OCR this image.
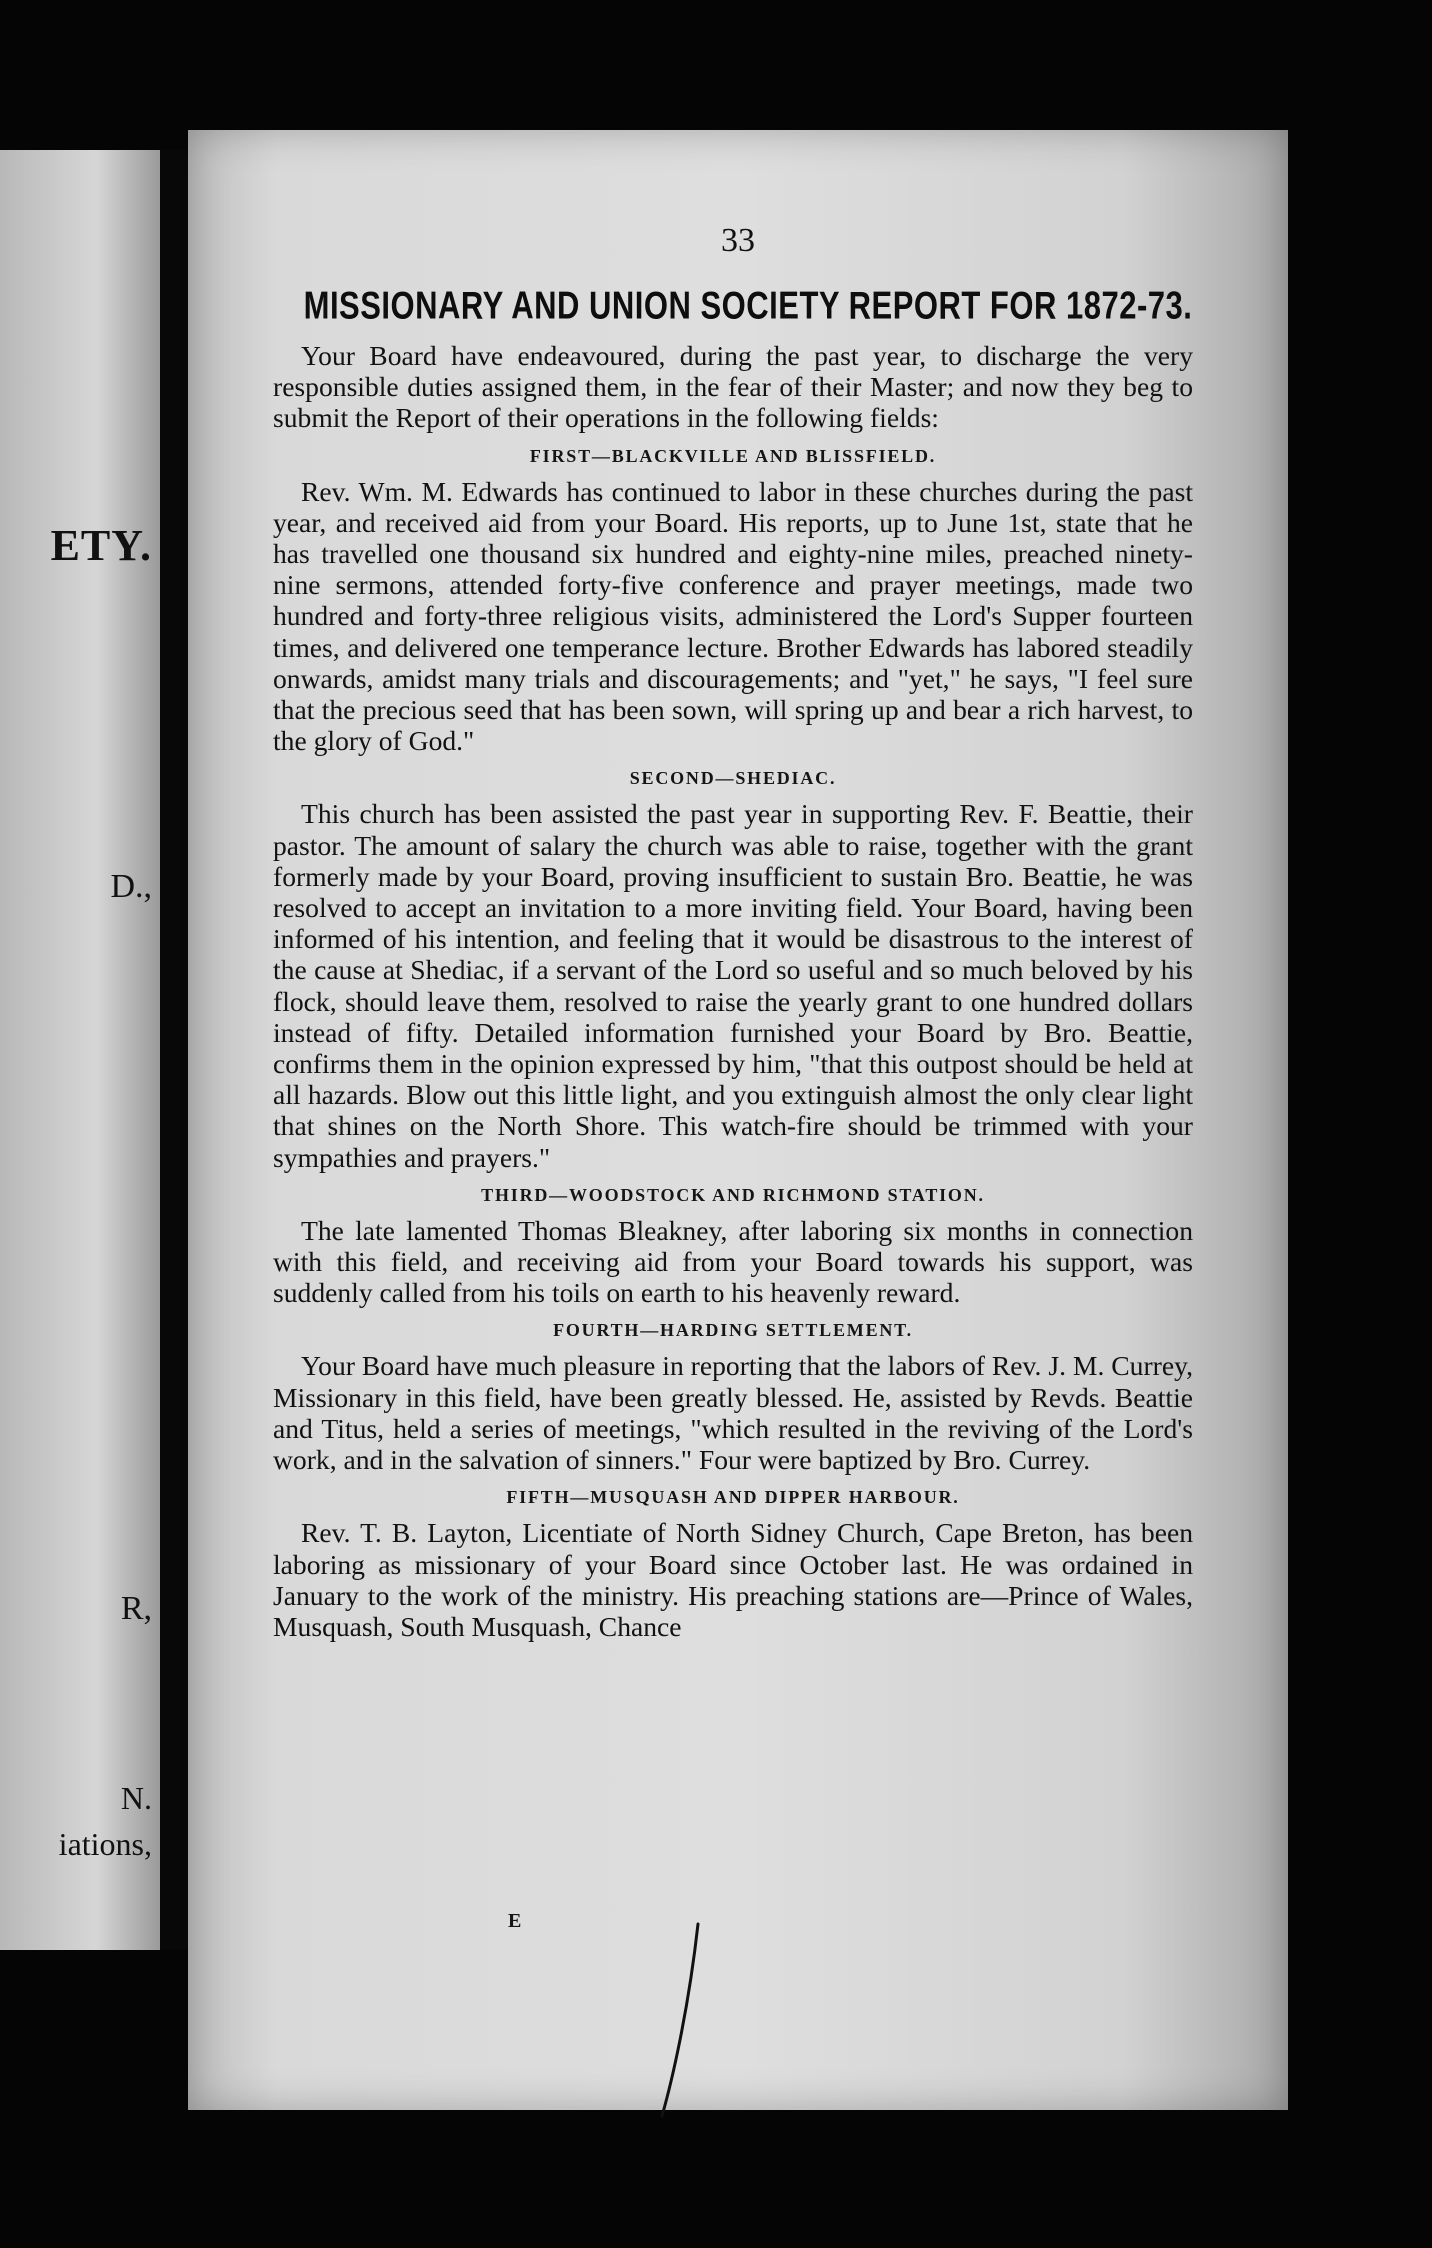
ETY.
D.,
R,
N.
iations,
33
MISSIONARY AND UNION SOCIETY REPORT FOR 1872-73.

Your Board have endeavoured, during the past year, to discharge the very responsible duties assigned them, in the fear of their Master; and now they beg to submit the Report of their operations in the following fields:

FIRST—BLACKVILLE AND BLISSFIELD.

Rev. Wm. M. Edwards has continued to labor in these churches during the past year, and received aid from your Board. His reports, up to June 1st, state that he has travelled one thousand six hundred and eighty-nine miles, preached ninety-nine sermons, attended forty-five conference and prayer meetings, made two hundred and forty-three religious visits, administered the Lord's Supper fourteen times, and delivered one temperance lecture. Brother Edwards has labored steadily onwards, amidst many trials and discouragements; and "yet," he says, "I feel sure that the precious seed that has been sown, will spring up and bear a rich harvest, to the glory of God."

SECOND—SHEDIAC.

This church has been assisted the past year in supporting Rev. F. Beattie, their pastor. The amount of salary the church was able to raise, together with the grant formerly made by your Board, proving insufficient to sustain Bro. Beattie, he was resolved to accept an invitation to a more inviting field. Your Board, having been informed of his intention, and feeling that it would be disastrous to the interest of the cause at Shediac, if a servant of the Lord so useful and so much beloved by his flock, should leave them, resolved to raise the yearly grant to one hundred dollars instead of fifty. Detailed information furnished your Board by Bro. Beattie, confirms them in the opinion expressed by him, "that this outpost should be held at all hazards. Blow out this little light, and you extinguish almost the only clear light that shines on the North Shore. This watch-fire should be trimmed with your sympathies and prayers."

THIRD—WOODSTOCK AND RICHMOND STATION.

The late lamented Thomas Bleakney, after laboring six months in connection with this field, and receiving aid from your Board towards his support, was suddenly called from his toils on earth to his heavenly reward.

FOURTH—HARDING SETTLEMENT.

Your Board have much pleasure in reporting that the labors of Rev. J. M. Currey, Missionary in this field, have been greatly blessed. He, assisted by Revds. Beattie and Titus, held a series of meetings, "which resulted in the reviving of the Lord's work, and in the salvation of sinners." Four were baptized by Bro. Currey.

FIFTH—MUSQUASH AND DIPPER HARBOUR.

Rev. T. B. Layton, Licentiate of North Sidney Church, Cape Breton, has been laboring as missionary of your Board since October last. He was ordained in January to the work of the ministry. His preaching stations are—Prince of Wales, Musquash, South Musquash, Chance

E
